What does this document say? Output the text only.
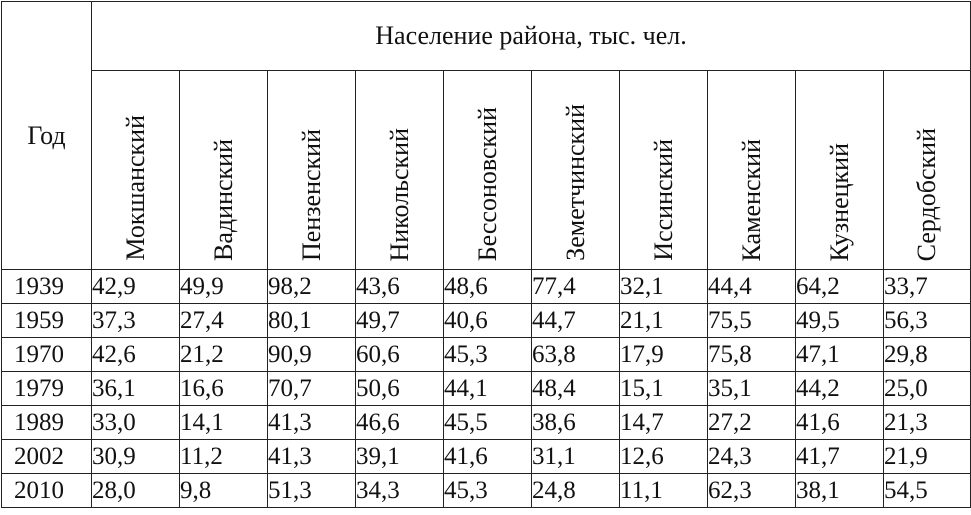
Год	Население района, тыс. чел.									

	Мокшанский	Вадинский	Пензенский	Никольский	Бессоновский	Земетчинский	Иссинский	Каменский	Кузнецкий	Сердобский

1939	42,9	49,9	98,2	43,6	48,6	77,4	32,1	44,4	64,2	33,7
1959	37,3	27,4	80,1	49,7	40,6	44,7	21,1	75,5	49,5	56,3
1970	42,6	21,2	90,9	60,6	45,3	63,8	17,9	75,8	47,1	29,8
1979	36,1	16,6	70,7	50,6	44,1	48,4	15,1	35,1	44,2	25,0
1989	33,0	14,1	41,3	46,6	45,5	38,6	14,7	27,2	41,6	21,3
2002	30,9	11,2	41,3	39,1	41,6	31,1	12,6	24,3	41,7	21,9
2010	28,0	9,8	51,3	34,3	45,3	24,8	11,1	62,3	38,1	54,5
